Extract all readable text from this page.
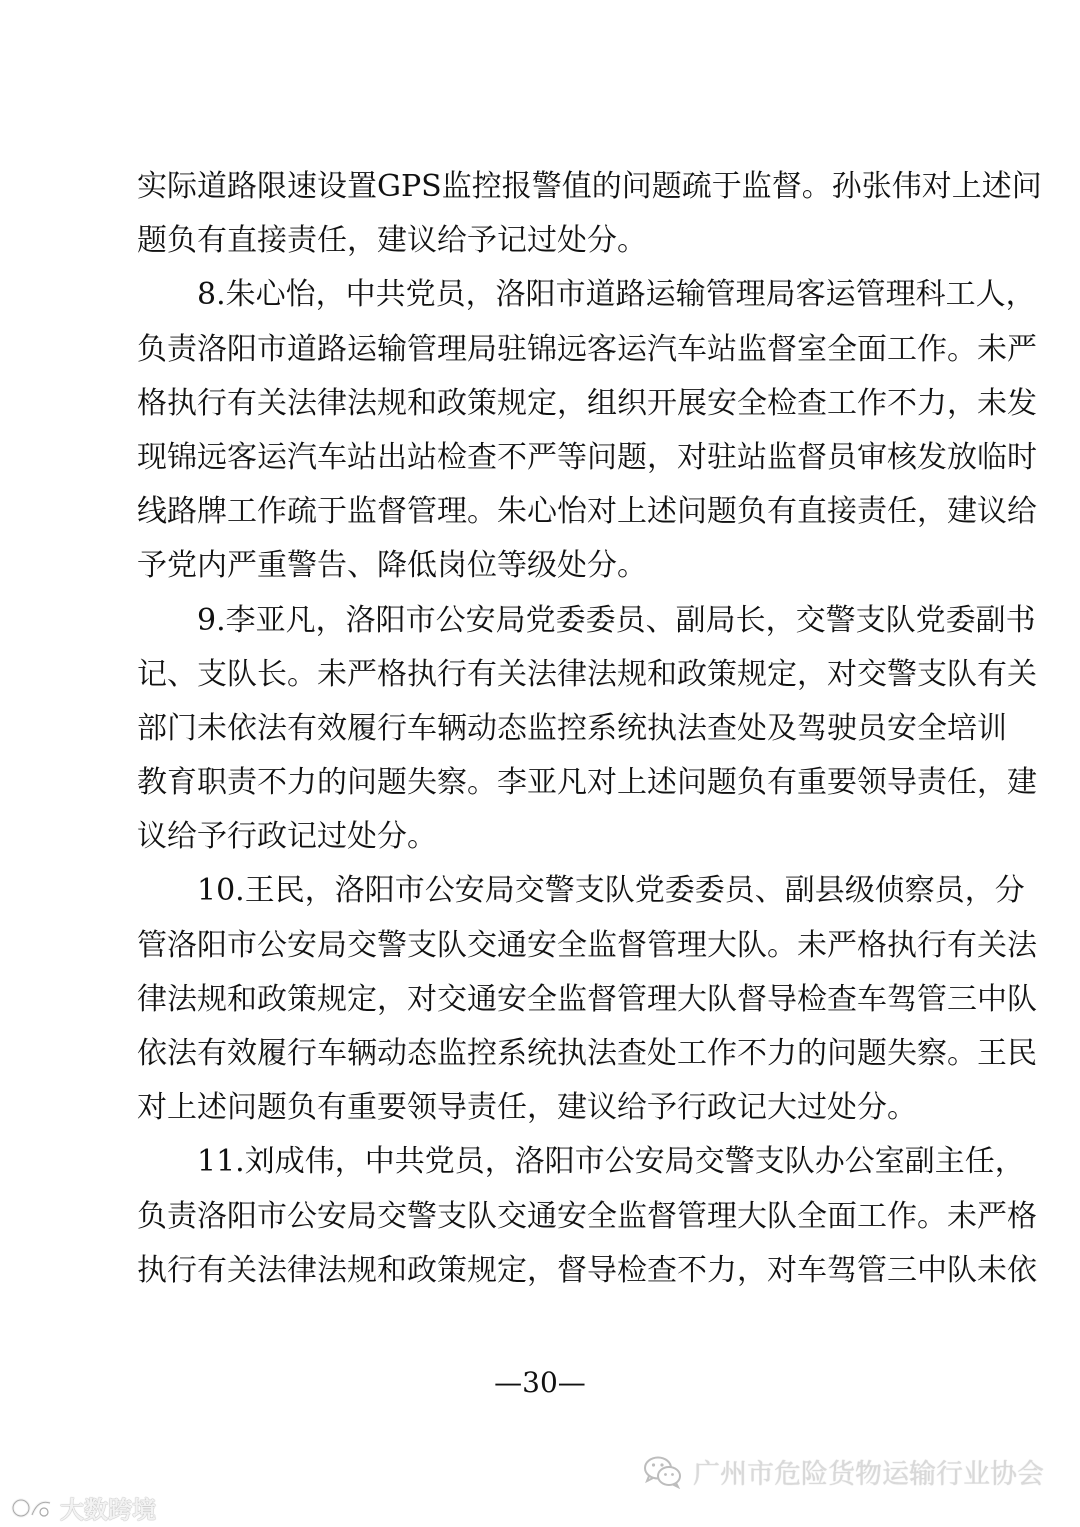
实际道路限速设置GPS监控报警值的问题疏于监督。孙张伟对上述问
题负有直接责任，建议给予记过处分。
　　8.朱心怡，中共党员，洛阳市道路运输管理局客运管理科工人，
负责洛阳市道路运输管理局驻锦远客运汽车站监督室全面工作。未严
格执行有关法律法规和政策规定，组织开展安全检查工作不力，未发
现锦远客运汽车站出站检查不严等问题，对驻站监督员审核发放临时
线路牌工作疏于监督管理。朱心怡对上述问题负有直接责任，建议给
予党内严重警告、降低岗位等级处分。
　　9.李亚凡，洛阳市公安局党委委员、副局长，交警支队党委副书
记、支队长。未严格执行有关法律法规和政策规定，对交警支队有关
部门未依法有效履行车辆动态监控系统执法查处及驾驶员安全培训
教育职责不力的问题失察。李亚凡对上述问题负有重要领导责任，建
议给予行政记过处分。
　　10.王民，洛阳市公安局交警支队党委委员、副县级侦察员，分
管洛阳市公安局交警支队交通安全监督管理大队。未严格执行有关法
律法规和政策规定，对交通安全监督管理大队督导检查车驾管三中队
依法有效履行车辆动态监控系统执法查处工作不力的问题失察。王民
对上述问题负有重要领导责任，建议给予行政记大过处分。
　　11.刘成伟，中共党员，洛阳市公安局交警支队办公室副主任，
负责洛阳市公安局交警支队交通安全监督管理大队全面工作。未严格
执行有关法律法规和政策规定，督导检查不力，对车驾管三中队未依
—30—
广州市危险货物运输行业协会
大数跨境
